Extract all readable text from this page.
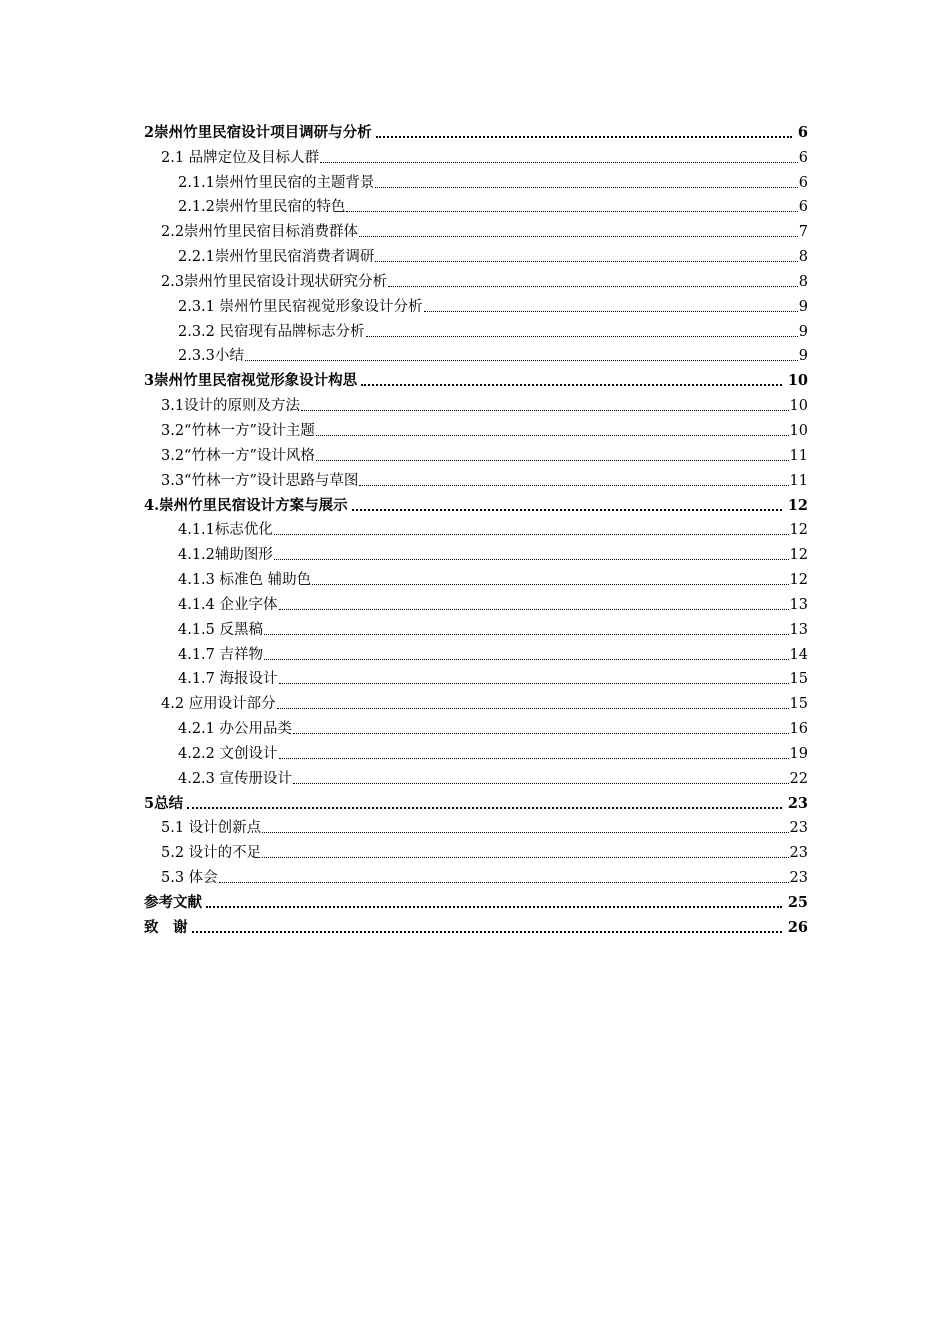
2崇州竹里民宿设计项目调研与分析	6
2.1 品牌定位及目标人群	6
2.1.1崇州竹里民宿的主题背景	6
2.1.2崇州竹里民宿的特色	6
2.2崇州竹里民宿目标消费群体	7
2.2.1崇州竹里民宿消费者调研	8
2.3崇州竹里民宿设计现状研究分析	8
2.3.1 崇州竹里民宿视觉形象设计分析	9
2.3.2 民宿现有品牌标志分析	9
2.3.3小结	9
3崇州竹里民宿视觉形象设计构思	10
3.1设计的原则及方法	10
3.2“竹林一方”设计主题	10
3.2“竹林一方”设计风格	11
3.3“竹林一方”设计思路与草图	11
4.崇州竹里民宿设计方案与展示	12
4.1.1标志优化	12
4.1.2辅助图形	12
4.1.3 标准色 辅助色	12
4.1.4 企业字体	13
4.1.5 反黑稿	13
4.1.7 吉祥物	14
4.1.7 海报设计	15
4.2 应用设计部分	15
4.2.1 办公用品类	16
4.2.2 文创设计	19
4.2.3 宣传册设计	22
5总结	23
5.1 设计创新点	23
5.2 设计的不足	23
5.3 体会	23
参考文献	25
致　谢	26
